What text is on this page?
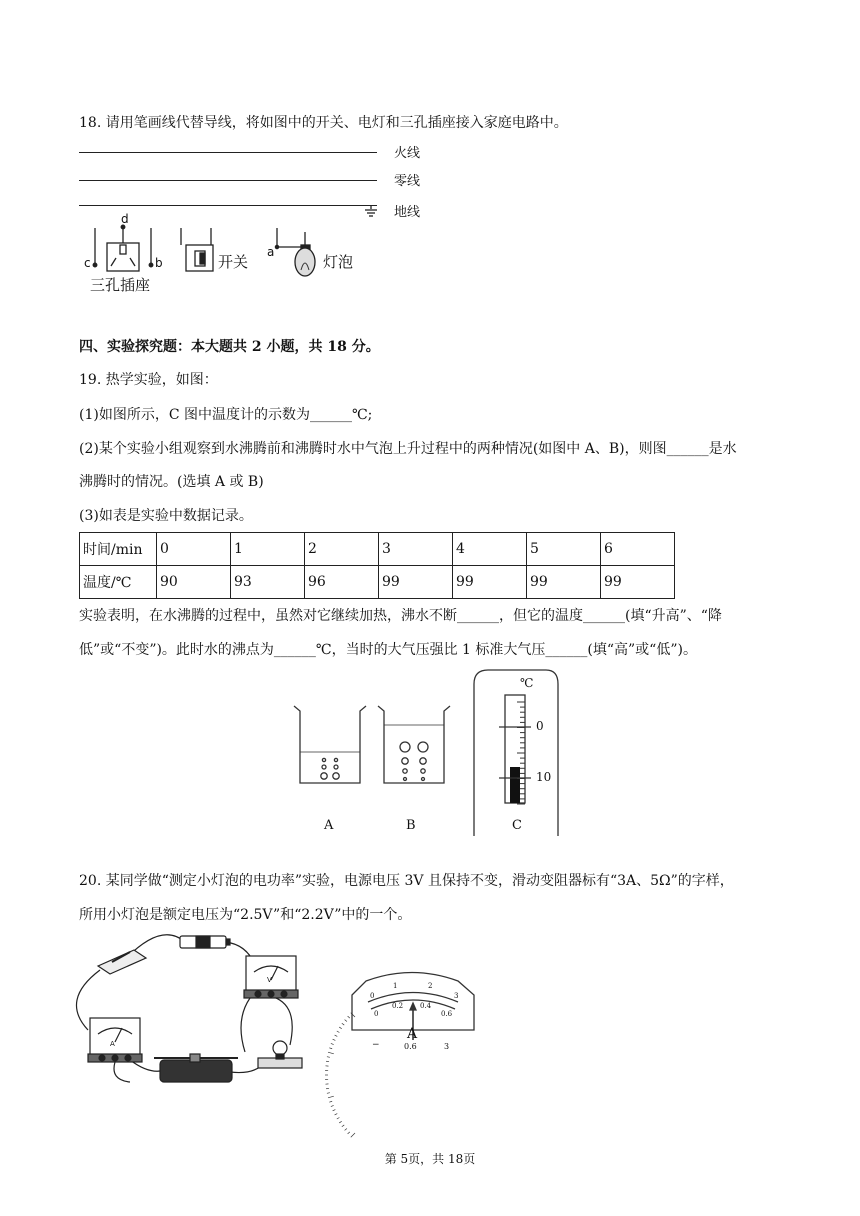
18. 请用笔画线代替导线，将如图中的开关、电灯和三孔插座接入家庭电路中。
火线
零线
地线
d
c	b
三孔插座
开关
a
灯泡
四、实验探究题：本大题共 2 小题，共 18 分。
19. 热学实验，如图：
(1)如图所示，C 图中温度计的示数为______℃;
(2)某个实验小组观察到水沸腾前和沸腾时水中气泡上升过程中的两种情况(如图中 A、B)，则图______是水
沸腾时的情况。(选填 A 或 B)
(3)如表是实验中数据记录。
时间/min	0	1	2	3	4	5	6
温度/℃	90	93	96	99	99	99	99
实验表明，在水沸腾的过程中，虽然对它继续加热，沸水不断______，但它的温度______(填“升高”、“降
低”或“不变”)。此时水的沸点为______℃，当时的大气压强比 1 标准大气压______(填“高”或“低”)。
℃
0
10
A	B	C
20. 某同学做“测定小灯泡的电功率”实验，电源电压 3V 且保持不变，滑动变阻器标有“3A、5Ω”的字样，
所用小灯泡是额定电压为“2.5V”和“2.2V”中的一个。
A
V
0
1	2
3
0
0.2 0.4
0.6
A
−	0.6	3
第 5页，共 18页
